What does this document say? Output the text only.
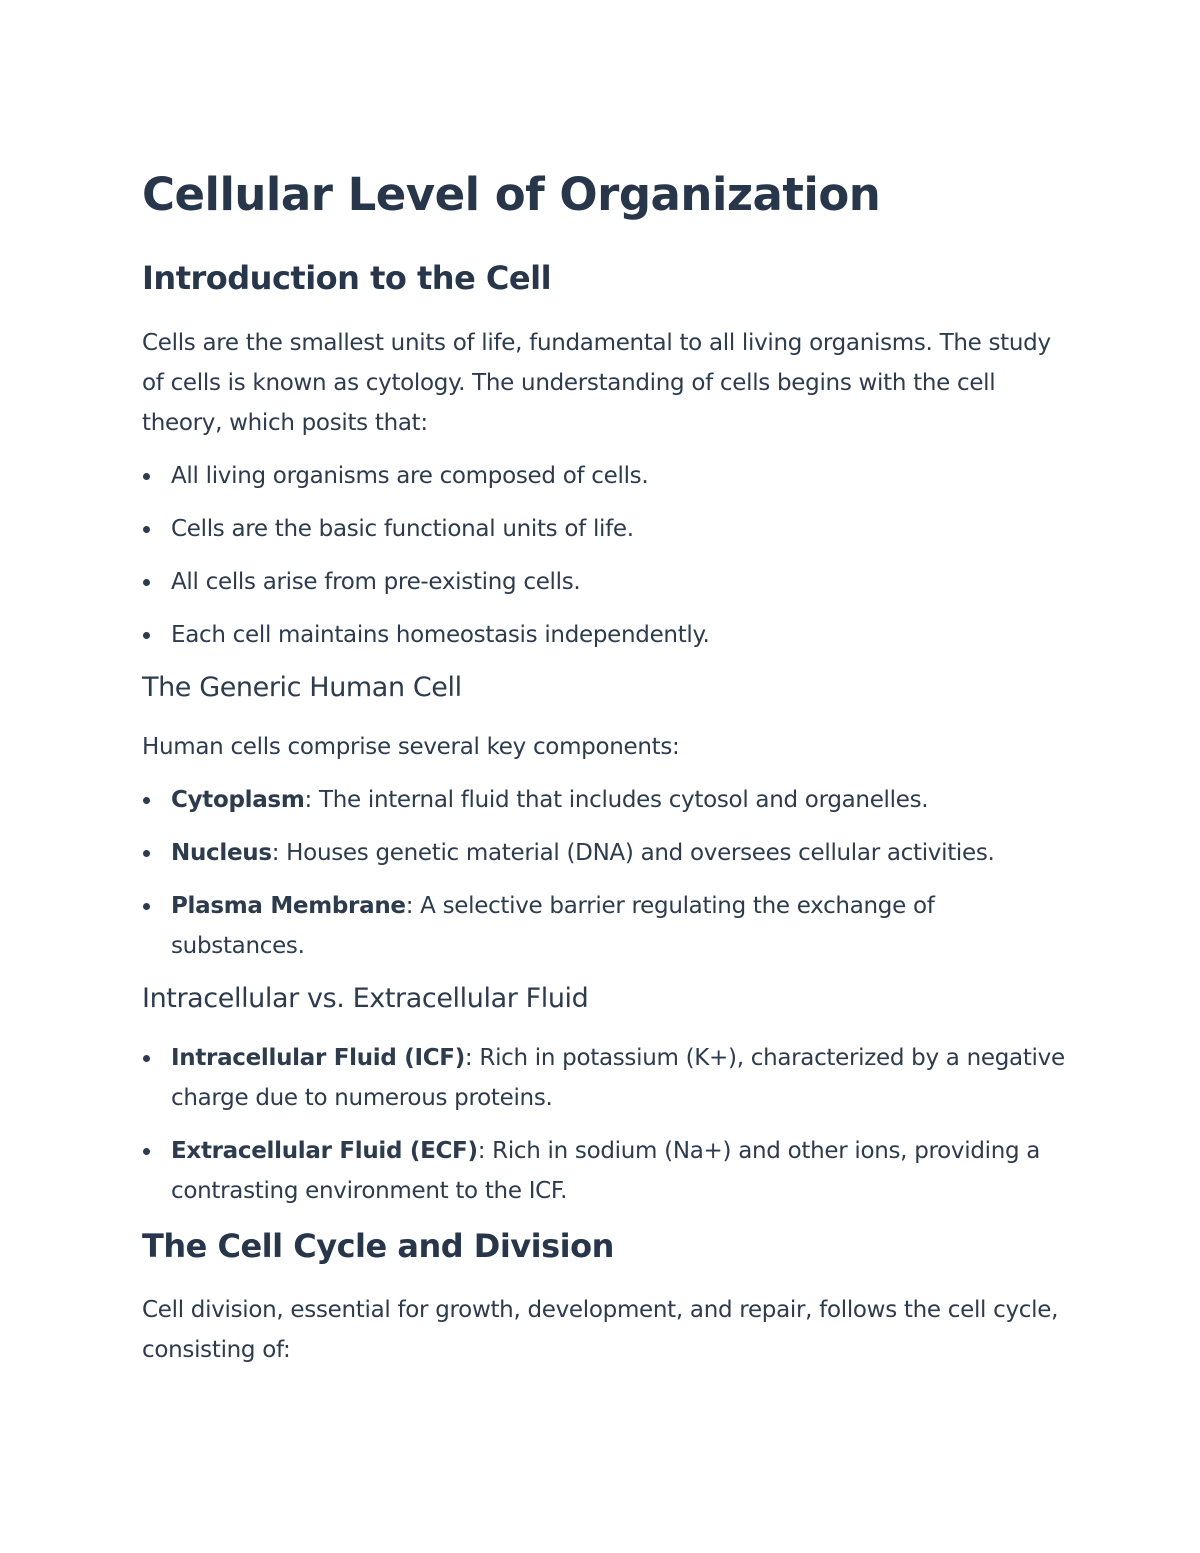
Cellular Level of Organization
Introduction to the Cell

Cells are the smallest units of life, fundamental to all living organisms. The study of cells is known as cytology. The understanding of cells begins with the cell theory, which posits that:

All living organisms are composed of cells.
Cells are the basic functional units of life.
All cells arise from pre-existing cells.
Each cell maintains homeostasis independently.
The Generic Human Cell

Human cells comprise several key components:

Cytoplasm: The internal fluid that includes cytosol and organelles.
Nucleus: Houses genetic material (DNA) and oversees cellular activities.
Plasma Membrane: A selective barrier regulating the exchange of substances.
Intracellular vs. Extracellular Fluid
Intracellular Fluid (ICF): Rich in potassium (K+), characterized by a negative charge due to numerous proteins.
Extracellular Fluid (ECF): Rich in sodium (Na+) and other ions, providing a contrasting environment to the ICF.
The Cell Cycle and Division

Cell division, essential for growth, development, and repair, follows the cell cycle, consisting of:
